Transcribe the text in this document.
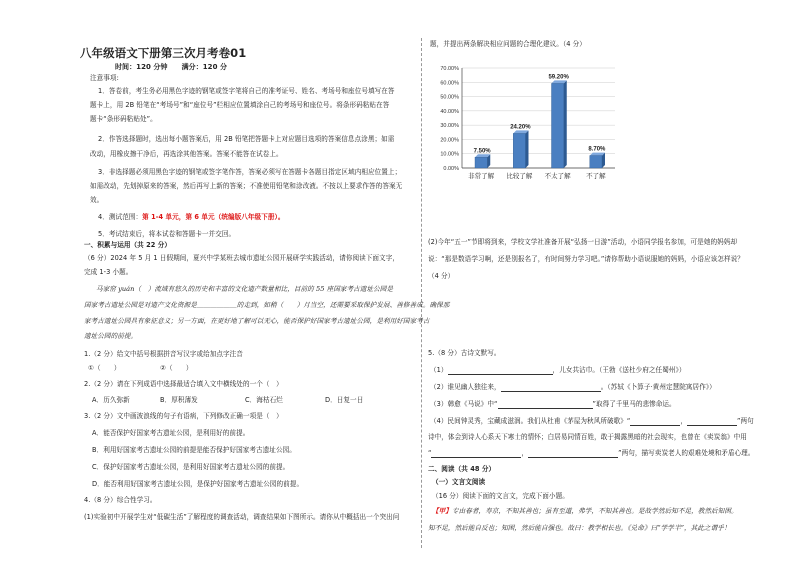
八年级语文下册第三次月考卷01
时间：120 分钟　　满分：120 分
注意事项:
1．答卷前，考生务必用黑色字迹的钢笔或签字笔将自己的准考证号、姓名、考场号和座位号填写在答
题卡上，用 2B 铅笔在“考场号”和“座位号”栏相应位置填涂自己的考场号和座位号。将条形码粘贴在答
题卡“条形码粘贴处”。
2．作答选择题时，选出每小题答案后，用 2B 铅笔把答题卡上对应题目选项的答案信息点涂黑；如需
改动，用橡皮擦干净后，再选涂其他答案。答案不能答在试卷上。
3．非选择题必须用黑色字迹的钢笔或签字笔作答，答案必须写在答题卡各题目指定区域内相应位置上；
如需改动，先划掉原来的答案，然后再写上新的答案；不准使用铅笔和涂改液。不按以上要求作答的答案无
效。
4．测试范围：第 1-4 单元，第 6 单元（统编版八年级下册）。
5．考试结束后，将本试卷和答题卡一并交回。
一、积累与运用（共 22 分）
（6 分）2024 年 5 月 1 日假期间，夏兴中学某班去城市遗址公园开展研学实践活动，请你阅读下面文字，
完成 1-3 小题。
马家窑 yuán（　）流域有悠久的历史和丰富的文化遗产数量相比，目前的 55 座国家考古遗址公园是
国家考古遗址公园是对遗产文化资源是＿＿＿＿＿＿的走到，如稍（　　）月当空，还需要采取保护发展、善修善成。确保那
家考古遗址公园具有象征意义；另一方面，在更好地了解可以无心，能否保护好国家考古遗址公园，是利用好国家考古
遗址公园的前提。
1.（2 分）给文中括号根据拼音写汉字或给加点字注音
①（　　）	②（　　）
2.（2 分）请在下列成语中选择最适合填入文中横线处的一个（　）
A．历久弥新	B．厚积薄发	C．海枯石烂	D．日复一日
3.（2 分）文中画波浪线的句子有语病，下列修改正确一项是（　）
A．能否保护好国家考古遗址公园，是利用好的前提。
B．利用好国家考古遗址公园的前提是能否保护好国家考古遗址公园。
C．保护好国家考古遗址公园，是利用好国家考古遗址公园的前提。
D．能否利用好国家考古遗址公园，是保护好国家考古遗址公园的前提。
4.（8 分）综合性学习。
(1)实验初中开展学生对“低碳生活”了解程度的调查活动，调查结果如下图所示。请你从中概括出一个突出问
题，并提出两条解决相应问题的合理化建议。（4 分）
0.00%
10.00%
20.00%
30.00%
40.00%
50.00%
60.00%
70.00%
7.50%
非常了解
24.20%
比较了解
59.20%
不太了解
8.70%
不了解
(2)今年“五一”节即将到来，学校文学社准备开展“弘扬一日游”活动，小语同学报名参加，可是她的妈妈却
说：“那是数语学习啊，还是别报名了，有时间努力学习吧。”请你帮助小语说服她的妈妈，小语应该怎样说？
（4 分）
5.（8 分）古诗文默写。
（1）	，儿女共沾巾。（王勃《送杜少府之任蜀州》）
（2）谁见幽人独往来，	。（苏轼《卜算子·黄州定慧院寓居作》）
（3）韩愈《马说》中“	”取得了千里马的悲惨命运。
（4）民间钟灵秀，宝藏成滋润。我们从杜甫《茅屋为秋风所破歌》“	，	”两句
诗中，体会到诗人心系天下寒士的情怀；白居易同情百姓，敢于揭露黑暗的社会现实，也曾在《卖炭翁》中用
“	，	”两句，描写卖炭老人的艰难处境和矛盾心理。
二、阅读（共 48 分）
（一）文言文阅读
（16 分）阅读下面的文言文，完成下面小题。
【甲】专由春者，寿京，不知其善也；虽有至道，弗学，不知其善也。是故学然后知不足，教然后知困。
知不足，然后能自反也；知困，然后能自强也。故曰：教学相长也。《兑命》曰“学学半”，其此之谓乎！
